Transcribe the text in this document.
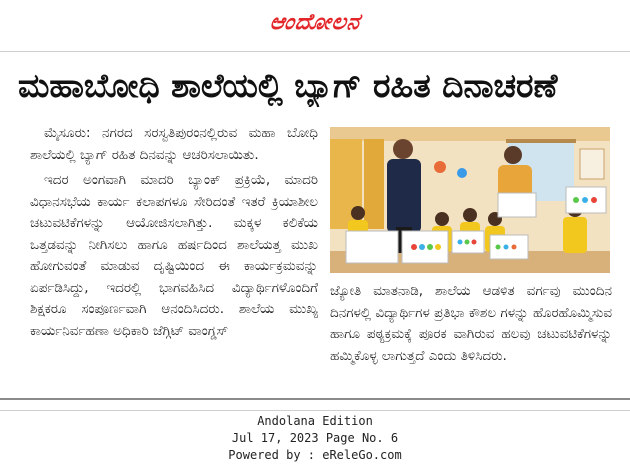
ಆಂದೋಲನ
ಮಹಾಬೋಧಿ ಶಾಲೆಯಲ್ಲಿ ಬ್ಯಾಗ್ ರಹಿತ ದಿನಾಚರಣೆ

ಮೈಸೂರು: ನಗರದ ಸರಸ್ವತಿಪುರಂನಲ್ಲಿರುವ ಮಹಾ ಬೋಧಿ ಶಾಲೆಯಲ್ಲಿ ಬ್ಯಾಗ್ ರಹಿತ ದಿನವನ್ನು ಆಚರಿಸಲಾಯಿತು.

ಇದರ ಅಂಗವಾಗಿ ಮಾದರಿ ಬ್ಯಾಂಕ್ ಪ್ರಕ್ರಿಯೆ, ಮಾದರಿ ವಿಧಾನಸಭೆಯ ಕಾರ್ಯ ಕಲಾಪಗಳೂ ಸೇರಿದಂತೆ ಇತರೆ ಕ್ರಿಯಾಶೀಲ ಚಟುವಟಿಕೆಗಳನ್ನು ಆಯೋಜಿಸಲಾಗಿತ್ತು. ಮಕ್ಕಳ ಕಲಿಕೆಯ ಒತ್ತಡವನ್ನು ನೀಗಿಸಲು ಹಾಗೂ ಹರ್ಷದಿಂದ ಶಾಲೆಯತ್ತ ಮುಖ ಹೋಗುವಂತೆ ಮಾಡುವ ದೃಷ್ಟಿಯಿಂದ ಈ ಕಾರ್ಯಕ್ರಮವನ್ನು ಏರ್ಪಡಿಸಿದ್ದು, ಇದರಲ್ಲಿ ಭಾಗವಹಿಸಿದ ವಿದ್ಯಾರ್ಥಿಗಳೊಂದಿಗೆ ಶಿಕ್ಷಕರೂ ಸಂಪೂರ್ಣವಾಗಿ ಆನಂದಿಸಿದರು. ಶಾಲೆಯ ಮುಖ್ಯ ಕಾರ್ಯನಿರ್ವಹಣಾ ಅಧಿಕಾರಿ ಜೆಗ್ಗಿಟ್ ವಾಂಗ್ಡಸ್

ಜ್ಯೋತಿ ಮಾತನಾಡಿ, ಶಾಲೆಯ ಆಡಳಿತ ವರ್ಗವು ಮುಂದಿನ ದಿನಗಳಲ್ಲಿ ವಿದ್ಯಾರ್ಥಿಗಳ ಪ್ರತಿಭಾ ಕೌಶಲ ಗಳನ್ನು ಹೊರಹೊಮ್ಮಿಸುವ ಹಾಗೂ ಪಠ್ಯಕ್ರಮಕ್ಕೆ ಪೂರಕ ವಾಗಿರುವ ಹಲವು ಚಟುವಟಿಕೆಗಳನ್ನು ಹಮ್ಮಿಕೊಳ್ಳ ಲಾಗುತ್ತದೆ ಎಂದು ತಿಳಿಸಿದರು.
Andolana Edition
Jul 17, 2023 Page No. 6
Powered by : eReleGo.com
